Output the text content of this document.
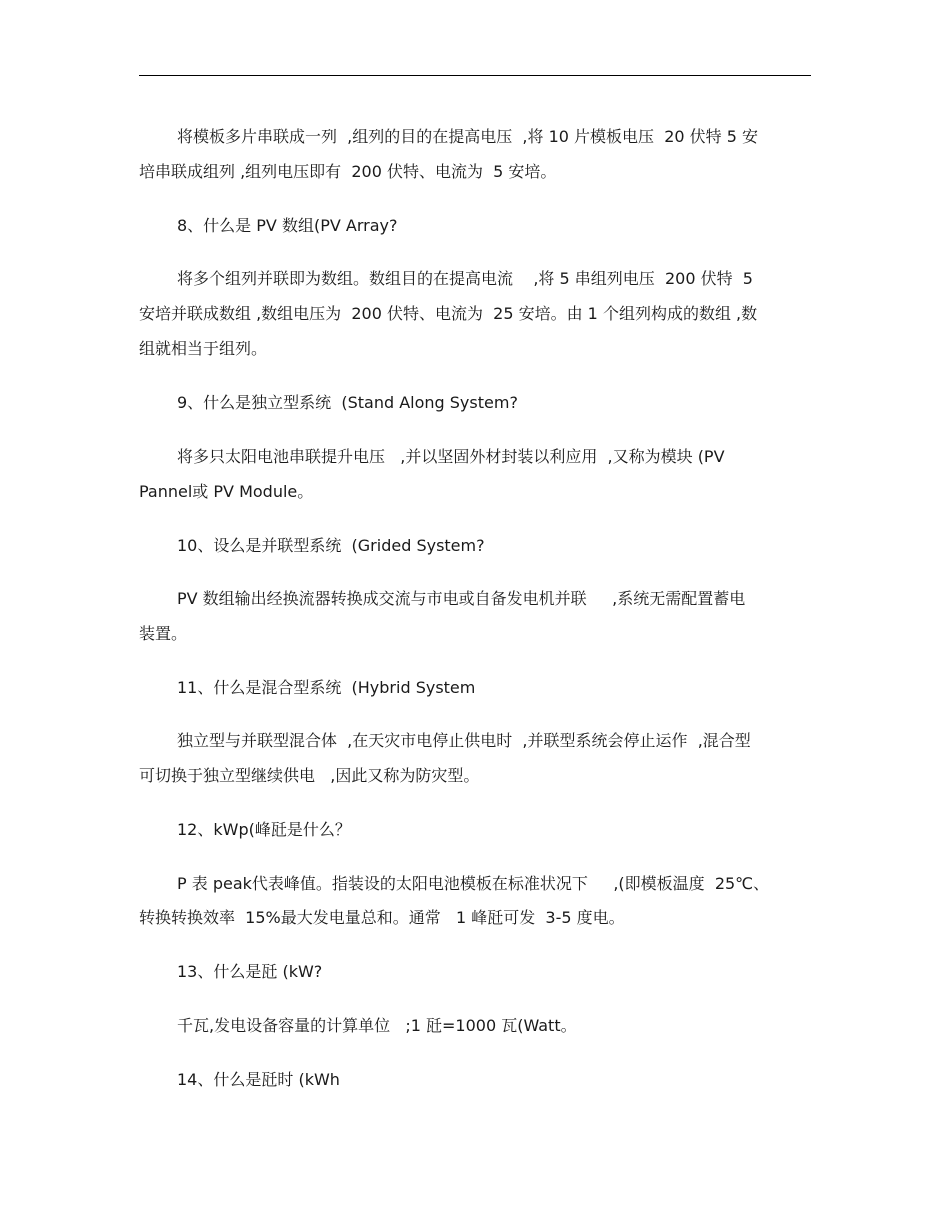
将模板多片串联成一列  ,组列的目的在提高电压  ,将 10 片模板电压  20 伏特 5 安
培串联成组列 ,组列电压即有  200 伏特、电流为  5 安培。
8、什么是 PV 数组(PV Array?
将多个组列并联即为数组。数组目的在提高电流    ,将 5 串组列电压  200 伏特  5
安培并联成数组 ,数组电压为  200 伏特、电流为  25 安培。由 1 个组列构成的数组 ,数
组就相当于组列。
9、什么是独立型系统  (Stand Along System?
将多只太阳电池串联提升电压   ,并以坚固外材封装以利应用  ,又称为模块 (PV
Pannel或 PV Module。
10、设么是并联型系统  (Grided System?
PV 数组输出经换流器转换成交流与市电或自备发电机并联     ,系统无需配置蓄电
装置。
11、什么是混合型系统  (Hybrid System
独立型与并联型混合体  ,在天灾市电停止供电时  ,并联型系统会停止运作  ,混合型
可切换于独立型继续供电   ,因此又称为防灾型。
12、kWp(峰瓩是什么？
P 表 peak代表峰值。指装设的太阳电池模板在标准状况下     ,(即模板温度  25℃、
转换转换效率  15%最大发电量总和。通常   1 峰瓩可发  3-5 度电。
13、什么是瓩 (kW?
千瓦,发电设备容量的计算单位   ;1 瓩=1000 瓦(Watt。
14、什么是瓩时 (kWh
